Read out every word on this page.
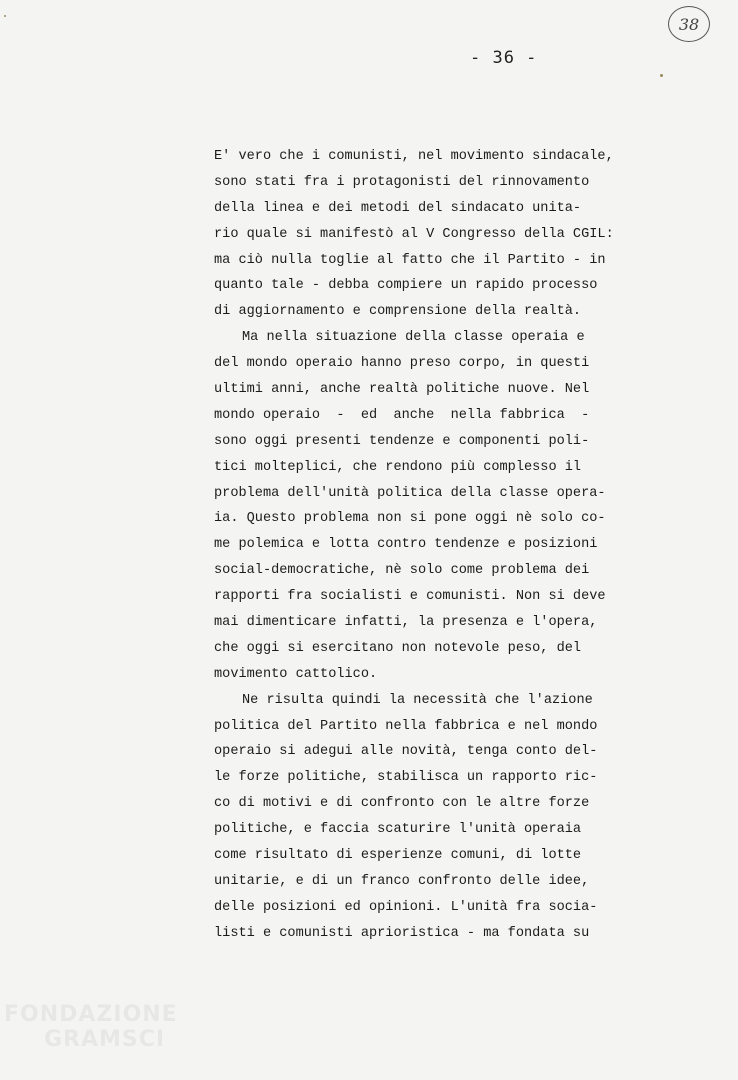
38
- 36 -
E' vero che i comunisti, nel movimento sindacale,
sono stati fra i protagonisti del rinnovamento
della linea e dei metodi del sindacato unita-
rio quale si manifestò al V Congresso della CGIL:
ma ciò nulla toglie al fatto che il Partito - in
quanto tale - debba compiere un rapido processo
di aggiornamento e comprensione della realtà.
Ma nella situazione della classe operaia e
del mondo operaio hanno preso corpo, in questi
ultimi anni, anche realtà politiche nuove. Nel
mondo operaio  -  ed  anche  nella fabbrica  -
sono oggi presenti tendenze e componenti poli-
tici molteplici, che rendono più complesso il
problema dell'unità politica della classe opera-
ia. Questo problema non si pone oggi nè solo co-
me polemica e lotta contro tendenze e posizioni
social-democratiche, nè solo come problema dei
rapporti fra socialisti e comunisti. Non si deve
mai dimenticare infatti, la presenza e l'opera,
che oggi si esercitano non notevole peso, del
movimento cattolico.
Ne risulta quindi la necessità che l'azione
politica del Partito nella fabbrica e nel mondo
operaio si adegui alle novità, tenga conto del-
le forze politiche, stabilisca un rapporto ric-
co di motivi e di confronto con le altre forze
politiche, e faccia scaturire l'unità operaia
come risultato di esperienze comuni, di lotte
unitarie, e di un franco confronto delle idee,
delle posizioni ed opinioni. L'unità fra socia-
listi e comunisti aprioristica - ma fondata su
FONDAZIONE
GRAMSCI
